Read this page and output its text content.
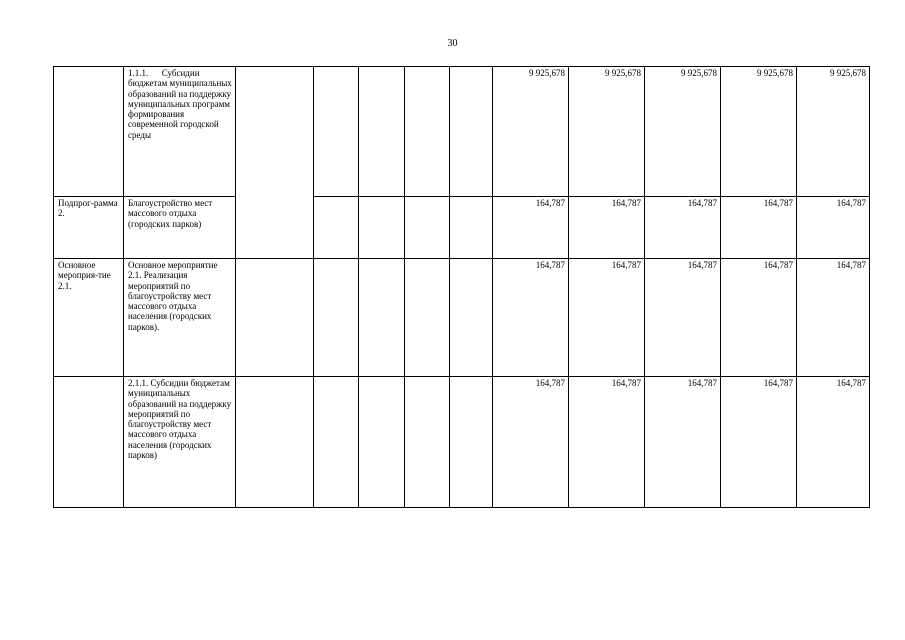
30
	1.1.1.      Субсидии бюджетам муниципальных образований на поддержку муниципальных программ формирования современной городской среды						9 925,678	9 925,678	9 925,678	9 925,678	9 925,678
Подпрог-рамма 2.	Благоустройство мест массового отдыха (городских парков)						164,787	164,787	164,787	164,787	164,787
Основное мероприя-тие 2.1.	Основное мероприятие 2.1. Реализация мероприятий по благоустройству мест массового отдыха населения (городских парков).						164,787	164,787	164,787	164,787	164,787
	2.1.1. Субсидии бюджетам муниципальных образований на поддержку мероприятий по благоустройству мест массового отдыха населения (городских парков)						164,787	164,787	164,787	164,787	164,787
